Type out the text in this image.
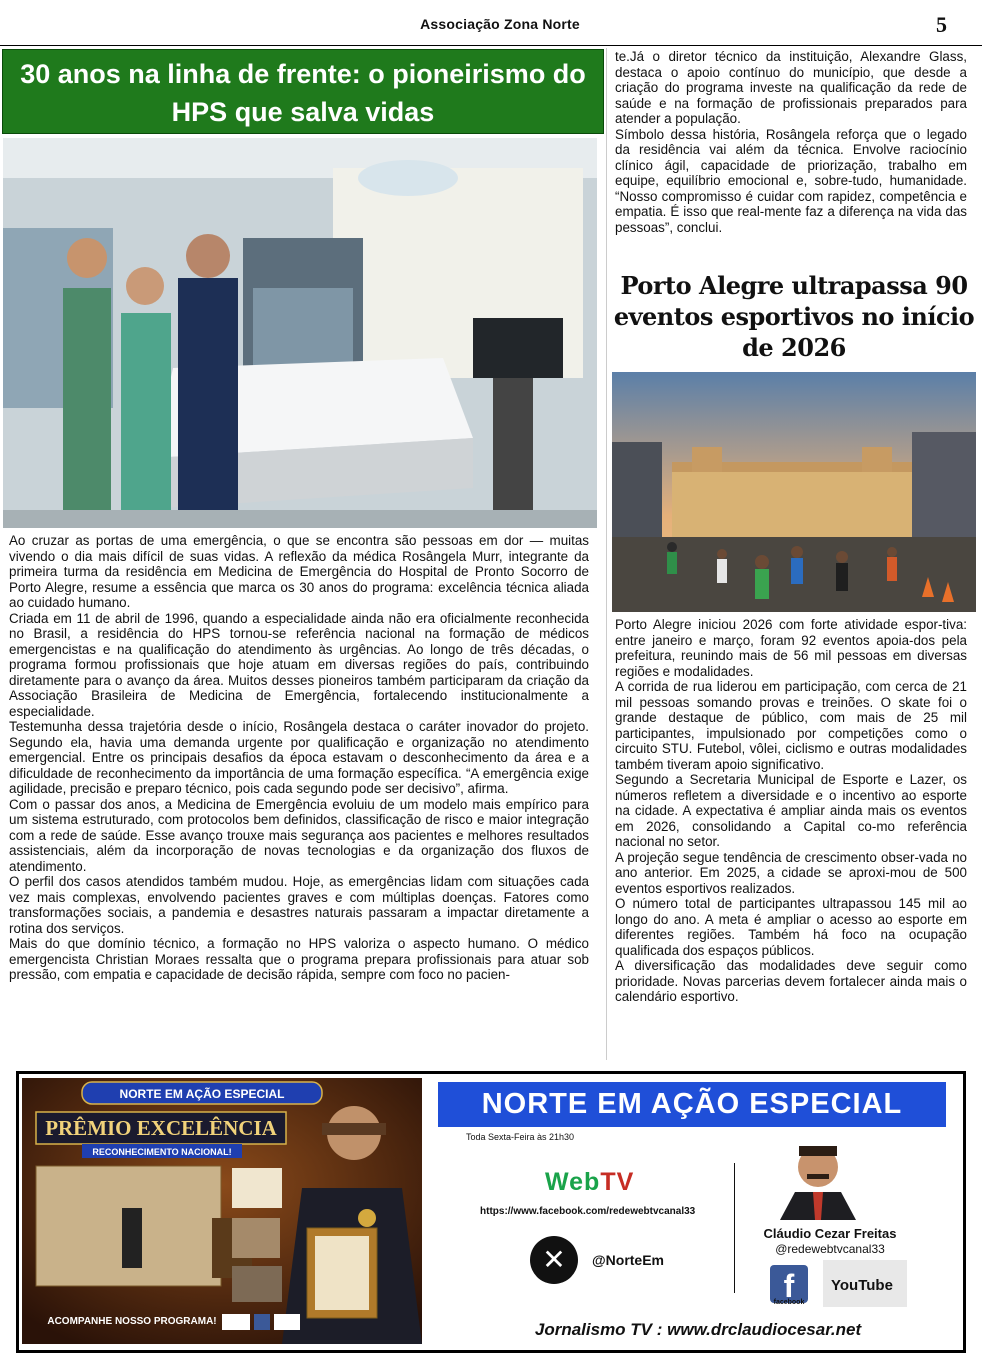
Associação Zona Norte	5
30 anos na linha de frente: o pioneirismo do HPS que salva vidas

Ao cruzar as portas de uma emergência, o que se encontra são pessoas em dor — muitas vivendo o dia mais difícil de suas vidas. A reflexão da médica Rosângela Murr, integrante da primeira turma da residência em Medicina de Emergência do Hospital de Pronto Socorro de Porto Alegre, resume a essência que marca os 30 anos do programa: excelência técnica aliada ao cuidado humano.

Criada em 11 de abril de 1996, quando a especialidade ainda não era oficialmente reconhecida no Brasil, a residência do HPS tornou-se referência nacional na formação de médicos emergencistas e na qualificação do atendimento às urgências. Ao longo de três décadas, o programa formou profissionais que hoje atuam em diversas regiões do país, contribuindo diretamente para o avanço da área. Muitos desses pioneiros também participaram da criação da Associação Brasileira de Medicina de Emergência, fortalecendo institucionalmente a especialidade.

Testemunha dessa trajetória desde o início, Rosângela destaca o caráter inovador do projeto. Segundo ela, havia uma demanda urgente por qualificação e organização no atendimento emergencial. Entre os principais desafios da época estavam o desconhecimento da área e a dificuldade de reconhecimento da importância de uma formação específica. “A emergência exige agilidade, precisão e preparo técnico, pois cada segundo pode ser decisivo”, afirma.

Com o passar dos anos, a Medicina de Emergência evoluiu de um modelo mais empírico para um sistema estruturado, com protocolos bem definidos, classificação de risco e maior integração com a rede de saúde. Esse avanço trouxe mais segurança aos pacientes e melhores resultados assistenciais, além da incorporação de novas tecnologias e da organização dos fluxos de atendimento.

O perfil dos casos atendidos também mudou. Hoje, as emergências lidam com situações cada vez mais complexas, envolvendo pacientes graves e com múltiplas doenças. Fatores como transformações sociais, a pandemia e desastres naturais passaram a impactar diretamente a rotina dos serviços.

Mais do que domínio técnico, a formação no HPS valoriza o aspecto humano. O médico emergencista Christian Moraes ressalta que o programa prepara profissionais para atuar sob pressão, com empatia e capacidade de decisão rápida, sempre com foco no pacien-

te.Já o diretor técnico da instituição, Alexandre Glass, destaca o apoio contínuo do município, que desde a criação do programa investe na qualificação da rede de saúde e na formação de profissionais preparados para atender a população.

Símbolo dessa história, Rosângela reforça que o legado da residência vai além da técnica. Envolve raciocínio clínico ágil, capacidade de priorização, trabalho em equipe, equilíbrio emocional e, sobre-tudo, humanidade. “Nosso compromisso é cuidar com rapidez, competência e empatia. É isso que real-mente faz a diferença na vida das pessoas”, conclui.

Porto Alegre ultrapassa 90 eventos esportivos no início de 2026

Porto Alegre iniciou 2026 com forte atividade espor-tiva: entre janeiro e março, foram 92 eventos apoia-dos pela prefeitura, reunindo mais de 56 mil pessoas em diversas regiões e modalidades.

A corrida de rua liderou em participação, com cerca de 21 mil pessoas somando provas e treinões. O skate foi o grande destaque de público, com mais de 25 mil participantes, impulsionado por competições como o circuito STU. Futebol, vôlei, ciclismo e outras modalidades também tiveram apoio significativo.

Segundo a Secretaria Municipal de Esporte e Lazer, os números refletem a diversidade e o incentivo ao esporte na cidade. A expectativa é ampliar ainda mais os eventos em 2026, consolidando a Capital co-mo referência nacional no setor.

A projeção segue tendência de crescimento obser-vada no ano anterior. Em 2025, a cidade se aproxi-mou de 500 eventos esportivos realizados.

O número total de participantes ultrapassou 145 mil ao longo do ano. A meta é ampliar o acesso ao esporte em diferentes regiões. Também há foco na ocupação qualificada dos espaços públicos.

A diversificação das modalidades deve seguir como prioridade. Novas parcerias devem fortalecer ainda mais o calendário esportivo.

NORTE EM AÇÃO ESPECIAL
PRÊMIO EXCELÊNCIA
RECONHECIMENTO NACIONAL!
ACOMPANHE NOSSO PROGRAMA!
NORTE EM AÇÃO ESPECIAL
Toda Sexta-Feira às 21h30
WebTV
https://www.facebook.com/redewebtvcanal33
✕	@NorteEm
Cláudio Cezar Freitas
@redewebtvcanal33
f
facebook
YouTube
Jornalismo TV : www.drclaudiocesar.net
